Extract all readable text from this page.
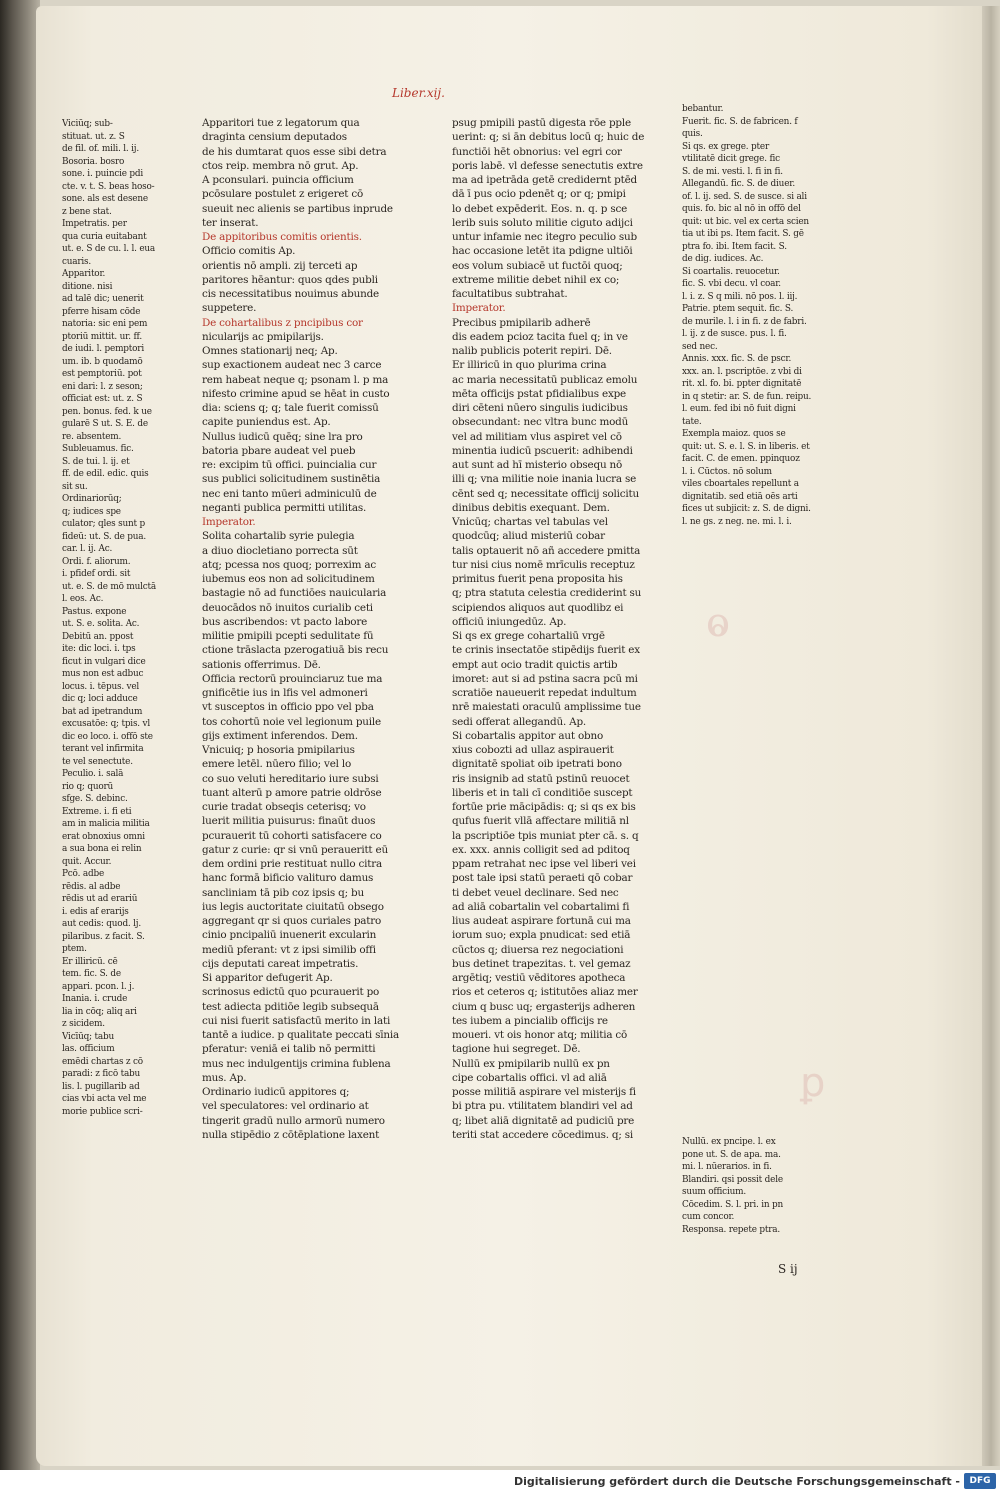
ⱺ
ꝑ
Liber.xij.

Viciūq; sub-

stituat. ut. z. S

de fil. of. mili. l. ij.

Bosoria. bosro

sone. i. puincie pdi

cte. v. t. S. beas hoso-

sone. als est desene

z bene stat.

Impetratis. per

qua curia euitabant

ut. e. S de cu. l. l. eua

cuaris.

Apparitor.

ditione. nisi

ad talē dic; uenerit

pferre hisam cōde

natoria: sic eni pem

ptoriū mittit. ur. ff.

de iudi. l. pemptori

um. ib. b quodamō

est pemptoriū. pot

eni dari: l. z seson;

officiat est: ut. z. S

pen. bonus. fed. k ue

gularē S ut. S. E. de

re. absentem.

Subleuamus. fic.

S. de tui. l. ij. et

ff. de edil. edic. quis

sit su.

Ordinariorūq;

q; iudices spe

culator; qles sunt p

fideū: ut. S. de pua.

car. l. ij. Ac.

Ordi. f. aliorum.

i. pfidef ordi. sit

ut. e. S. de mō mulctā

l. eos. Ac.

Pastus. expone

ut. S. e. solita. Ac.

Debitū an. ppost

ite: dic loci. i. tps

ficut in vulgari dice

mus non est adbuc

locus. i. tēpus. vel

dic q; loci adduce

bat ad ipetrandum

excusatōe: q; tpis. vl

dic eo loco. i. offō ste

terant vel infirmita

te vel senectute.

Peculio. i. salā

rio q; quorū

sfge. S. debinc.

Extreme. i. fi eti

am in malicia militia

erat obnoxius omni

a sua bona ei relin

quit. Accur.

Pcō. adbe

rēdis. al adbe

rēdis ut ad erariū

i. edis af erarijs

aut cedis: quod. lj.

pilaribus. z facit. S.

ptem.

Er illiricū. cē

tem. fic. S. de

appari. pcon. l. j.

Inania. i. crude

lia in cōq; aliq ari

z sicidem.

Vicīūq; tabu

las. officium

emēdi chartas z cō

paradi: z ficō tabu

lis. l. pugillarib ad

cias vbi acta vel me

morie publice scri-

Apparitori tue z legatorum qua

draginta censium deputados

de his dumtarat quos esse sibi detra

ctos reip. membra nō grut. Ap.

A pconsulari. puincia officium

pcōsulare postulet z erigeret cō

sueuit nec alienis se partibus inprude

ter inserat.

De appitoribus comitis orientis.

Officio comitis Ap.

orientis nō ampli. zij terceti ap

paritores hēantur: quos qdes publi

cis necessitatibus nouimus abunde

suppetere.

De cohartalibus z pncipibus cor

nicularijs ac pmipilarijs.

Omnes stationarij neq; Ap.

sup exactionem audeat nec 3 carce

rem habeat neque q; psonam l. p ma

nifesto crimine apud se hēat in custo

dia: sciens q; q; tale fuerit comissū

capite puniendus est. Ap.

Nullus iudicū quēq; sine lra pro

batoria pbare audeat vel pueb

re: excipim tū offici. puincialia cur

sus publici solicitudinem sustinētia

nec eni tanto mūeri adminiculū de

neganti publica permitti utilitas.

Imperator.

Solita cohartalib syrie pulegia

a diuo diocletiano porrecta sūt

atq; pcessa nos quoq; porrexim ac

iubemus eos non ad solicitudinem

bastagie nō ad functiōes nauicularia

deuocādos nō inuitos curialib ceti

bus ascribendos: vt pacto labore

militie pmipili pcepti sedulitate fū

ctione trāslacta pzerogatiuā bis recu

sationis offerrimus. Dē.

Officia rectorū prouinciaruz tue ma

gnificētie ius in lfis vel admoneri

vt susceptos in officio ppo vel pba

tos cohortū noie vel legionum puile

gijs extiment inferendos. Dem.

Vnicuiq; p hosoria pmipilarius

emere letēl. nūero filio; vel lo

co suo veluti hereditario iure subsi

tuant alterū p amore patrie oldrōse

curie tradat obseqis ceterisq; vo

luerit militia puisurus: finaūt duos

pcurauerit tū cohorti satisfacere co

gatur z curie: qr si vnū peraueritt eū

dem ordini prie restituat nullo citra

hanc formā bificio valituro damus

sancliniam tā pib coz ipsis q; bu

ius legis auctoritate ciuitatū obsego

aggregant qr si quos curiales patro

cinio pncipaliū inuenerit excularin

mediū pferant: vt z ipsi similib offi

cijs deputati careat impetratis.

Si apparitor defugerit Ap.

scrinosus edictū quo pcurauerit po

test adiecta pditiōe legib subsequā

cui nisi fuerit satisfactū merito in lati

tantē a iudice. p qualitate peccati sīnia

pferatur: veniā ei talib nō permitti

mus nec indulgentijs crimina fublena

mus. Ap.

Ordinario iudicū appitores q;

vel speculatores: vel ordinario at

tingerit gradū nullo armorū numero

nulla stipēdio z cōtēplatione laxent

psug pmipili pastū digesta rōe pple

uerint: q; si ān debitus locū q; huic de

functiōi hēt obnorius: vel egri cor

poris labē. vl defesse senectutis extre

ma ad ipetrāda getē credidernt ptēd

dā ī pus ocio pdenēt q; or q; pmipi

lo debet expēderit. Eos. n. q. p sce

lerib suis soluto militie ciguto adijci

untur infamie nec itegro peculio sub

hac occasione letēt ita pdigne ultiōi

eos volum subiacē ut fuctōi quoq;

extreme militie debet nihil ex co;

facultatibus subtrahat.

Imperator.

Precibus pmipilarib adherē

dis eadem pcioz tacita fuel q; in ve

nalib publicis poterit repiri. Dē.

Er illiricū in quo plurima crina

ac maria necessitatū publicaz emolu

mēta officijs pstat pfidialibus expe

diri cēteni nūero singulis iudicibus

obsecundant: nec vltra bunc modū

vel ad militiam vlus aspiret vel cō

minentia iudicū pscuerit: adhibendi

aut sunt ad hī misterio obsequ nō

illi q; vna militie noie inania lucra se

cēnt sed q; necessitate officij solicitu

dinibus debitis exequant. Dem.

Vnicūq; chartas vel tabulas vel

quodcūq; aliud misteriū cobar

talis optauerit nō añ accedere pmitta

tur nisi cius nomē mrīculis receptuz

primitus fuerit pena proposita his

q; ptra statuta celestia crediderint su

scipiendos aliquos aut quodlibz ei

officiū iniungedūz. Ap.

Si qs ex grege cohartaliū vrgē

te crinis insectatōe stipēdijs fuerit ex

empt aut ocio tradit quictis artib

imoret: aut si ad pstina sacra pcū mi

scratiōe naueuerit repedat indultum

nrē maiestati oraculū amplissime tue

sedi offerat allegandū. Ap.

Si cobartalis appitor aut obno

xius cobozti ad ullaz aspirauerit

dignitatē spoliat oib ipetrati bono

ris insignib ad statū pstinū reuocet

liberis et in tali cī conditiōe suscept

fortūe prie mācipādis: q; si qs ex bis

qufus fuerit vllā affectare militiā nl

la pscriptiōe tpis muniat pter cā. s. q

ex. xxx. annis colligit sed ad pditoq

ppam retrahat nec ipse vel liberi vei

post tale ipsi statū peraeti qō cobar

ti debet veuel declinare. Sed nec

ad aliā cobartalin vel cobartalimi fi

lius audeat aspirare fortunā cui ma

iorum suo; expla pnudicat: sed etiā

cūctos q; diuersa rez negociationi

bus detinet trapezitas. t. vel gemaz

argētiq; vestiū vēditores apotheca

rios et ceteros q; istitutōes aliaz mer

cium q busc uq; ergasterijs adheren

tes iubem a pincialib officijs re

moueri. vt ois honor atq; militia cō

tagione hui segreget. Dē.

Nullū ex pmipilarib nullū ex pn

cipe cobartalis offici. vl ad aliā

posse militiā aspirare vel misterijs fi

bi ptra pu. vtilitatem blandiri vel ad

q; libet aliā dignitatē ad pudiciū pre

teriti stat accedere cōcedimus. q; si

bebantur.

Fuerit. fic. S. de fabricen. f

quis.

Si qs. ex grege. pter

vtilitatē dicit grege. fic

S. de mi. vesti. l. fi in fi.

Allegandū. fic. S. de diuer.

of. l. ij. sed. S. de susce. si ali

quis. fo. bic al nō in offō del

quit: ut bic. vel ex certa scien

tia ut ibi ps. Item facit. S. gē

ptra fo. ibi. Item facit. S.

de dig. iudices. Ac.

Si coartalis. reuocetur.

fic. S. vbi decu. vl coar.

l. i. z. S q mili. nō pos. l. iij.

Patrie. ptem sequit. fic. S.

de murile. l. i in fi. z de fabri.

l. ij. z de susce. pus. l. fi.

sed nec.

Annis. xxx. fic. S. de pscr.

xxx. an. l. pscriptōe. z vbi di

rit. xl. fo. bi. ppter dignitatē

in q stetir: ar. S. de fun. reipu.

l. eum. fed ibi nō fuit digni

tate.

Exempla maioz. quos se

quit: ut. S. e. l. S. in liberis. et

facit. C. de emen. ppinquoz

l. i. Cūctos. nō solum

viles cboartales repellunt a

dignitatib. sed etiā oēs arti

fices ut subjicit: z. S. de digni.

l. ne gs. z neg. ne. mi. l. i.

Nullū. ex pncipe. l. ex

pone ut. S. de apa. ma.

mi. l. nūerarios. in fi.

Blandiri. qsi possit dele

suum officium.

Cōcedim. S. l. pri. in pn

cum concor.

Responsa. repete ptra.

S ij
Digitalisierung gefördert durch die Deutsche Forschungsgemeinschaft -	DFG
